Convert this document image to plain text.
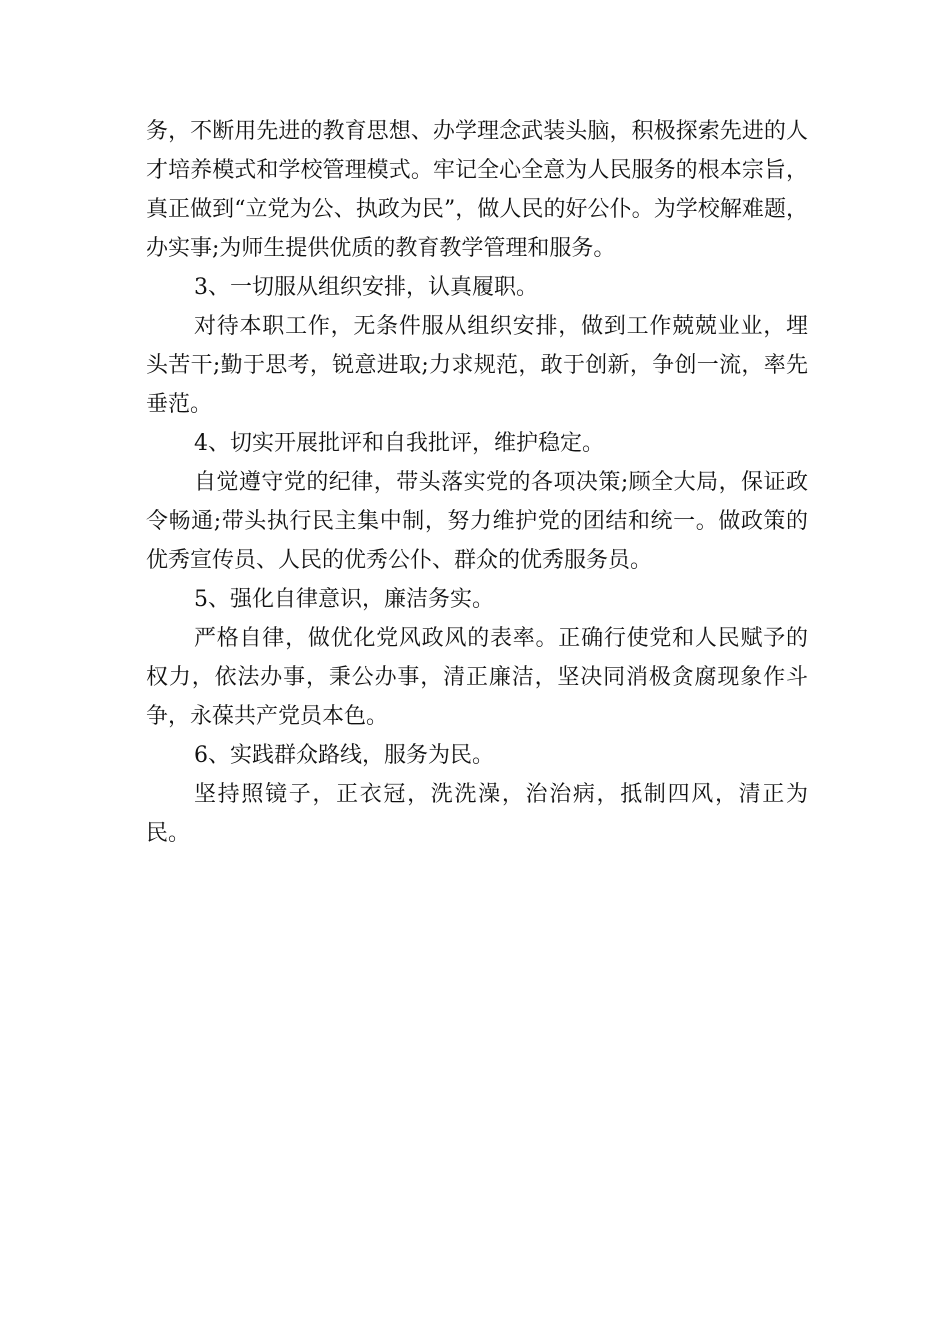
务，不断用先进的教育思想、办学理念武装头脑，积极探索先进的人才培养模式和学校管理模式。牢记全心全意为人民服务的根本宗旨，真正做到“立党为公、执政为民”，做人民的好公仆。为学校解难题，办实事;为师生提供优质的教育教学管理和服务。

3、一切服从组织安排，认真履职。

对待本职工作，无条件服从组织安排，做到工作兢兢业业，埋头苦干;勤于思考，锐意进取;力求规范，敢于创新，争创一流，率先垂范。

4、切实开展批评和自我批评，维护稳定。

自觉遵守党的纪律，带头落实党的各项决策;顾全大局，保证政令畅通;带头执行民主集中制，努力维护党的团结和统一。做政策的优秀宣传员、人民的优秀公仆、群众的优秀服务员。

5、强化自律意识，廉洁务实。

严格自律，做优化党风政风的表率。正确行使党和人民赋予的权力，依法办事，秉公办事，清正廉洁，坚决同消极贪腐现象作斗争，永葆共产党员本色。

6、实践群众路线，服务为民。

坚持照镜子，正衣冠，洗洗澡，治治病，抵制四风，清正为民。
